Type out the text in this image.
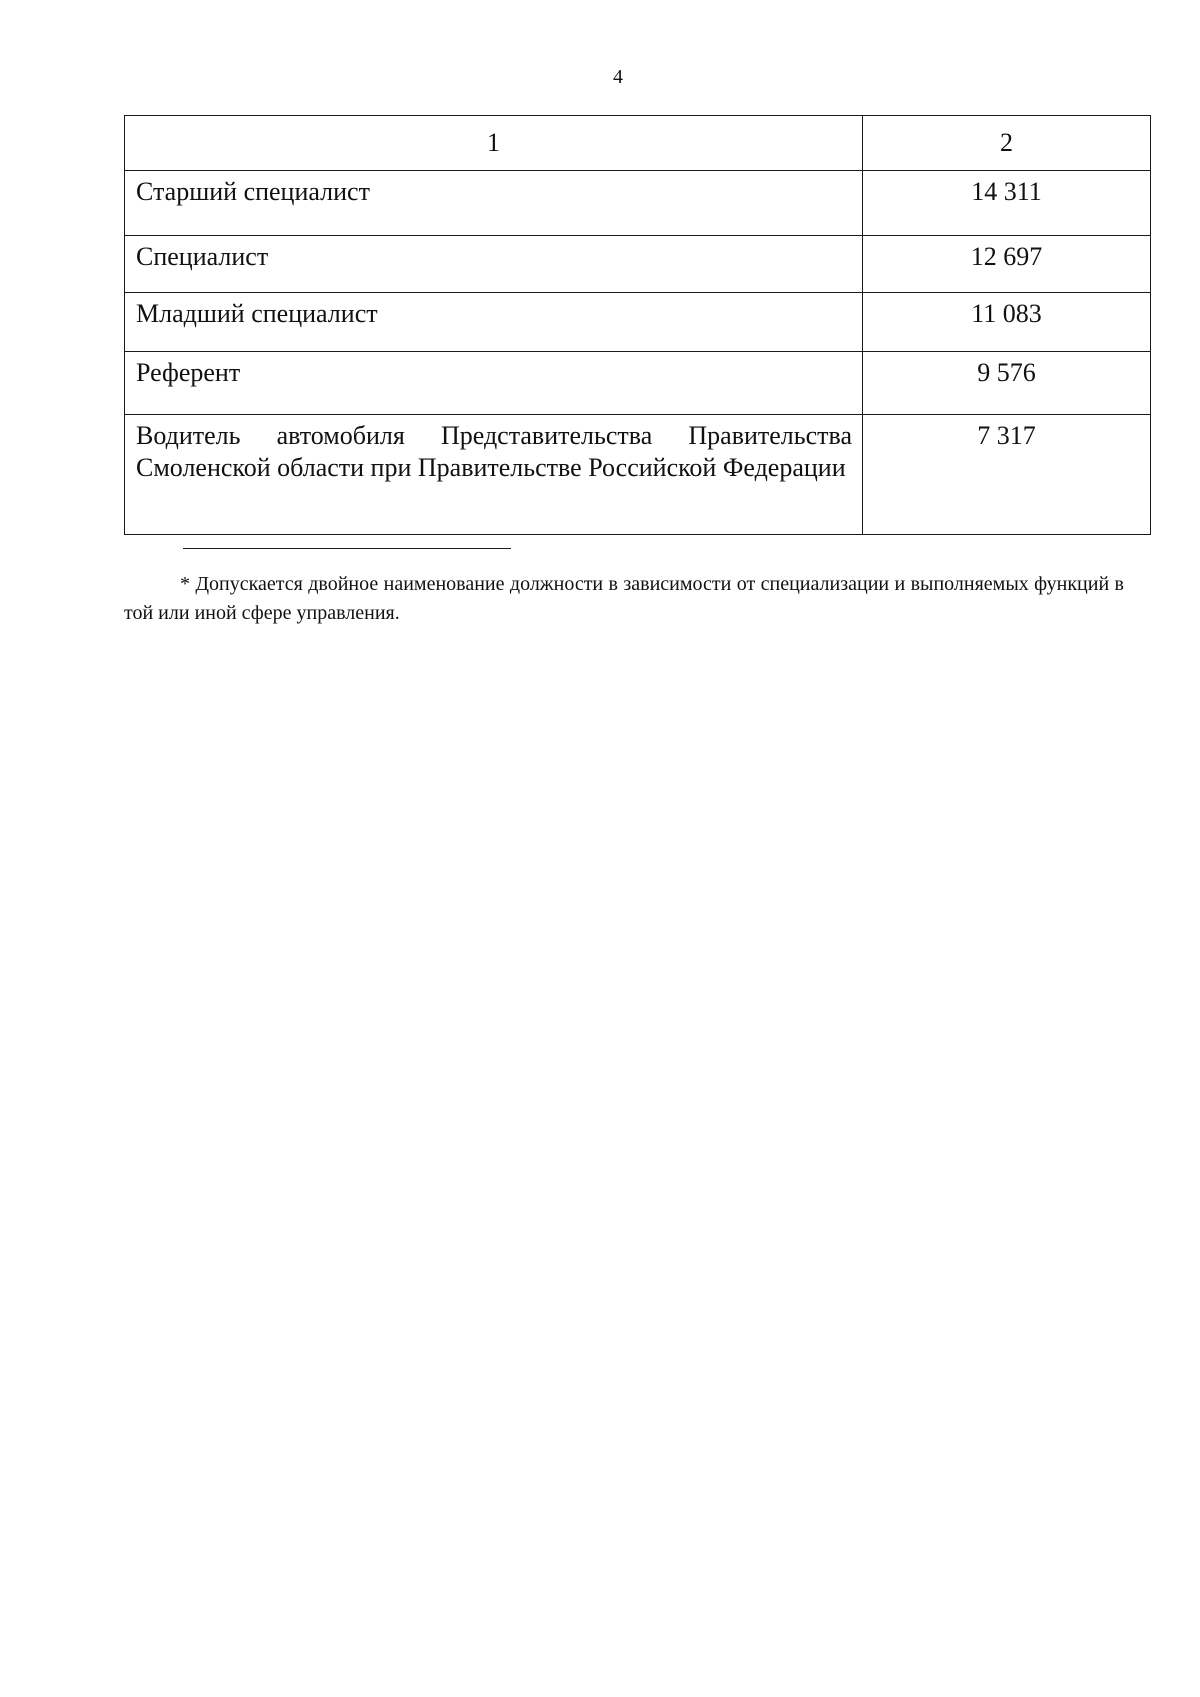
4
1	2
Старший специалист	14 311
Специалист	12 697
Младший специалист	11 083
Референт	9 576
Водитель автомобиля Представительства Правительства Смоленской области при Правительстве Российской Федерации	7 317
* Допускается двойное наименование должности в зависимости от специализации и выполняемых функций в той или иной сфере управления.
